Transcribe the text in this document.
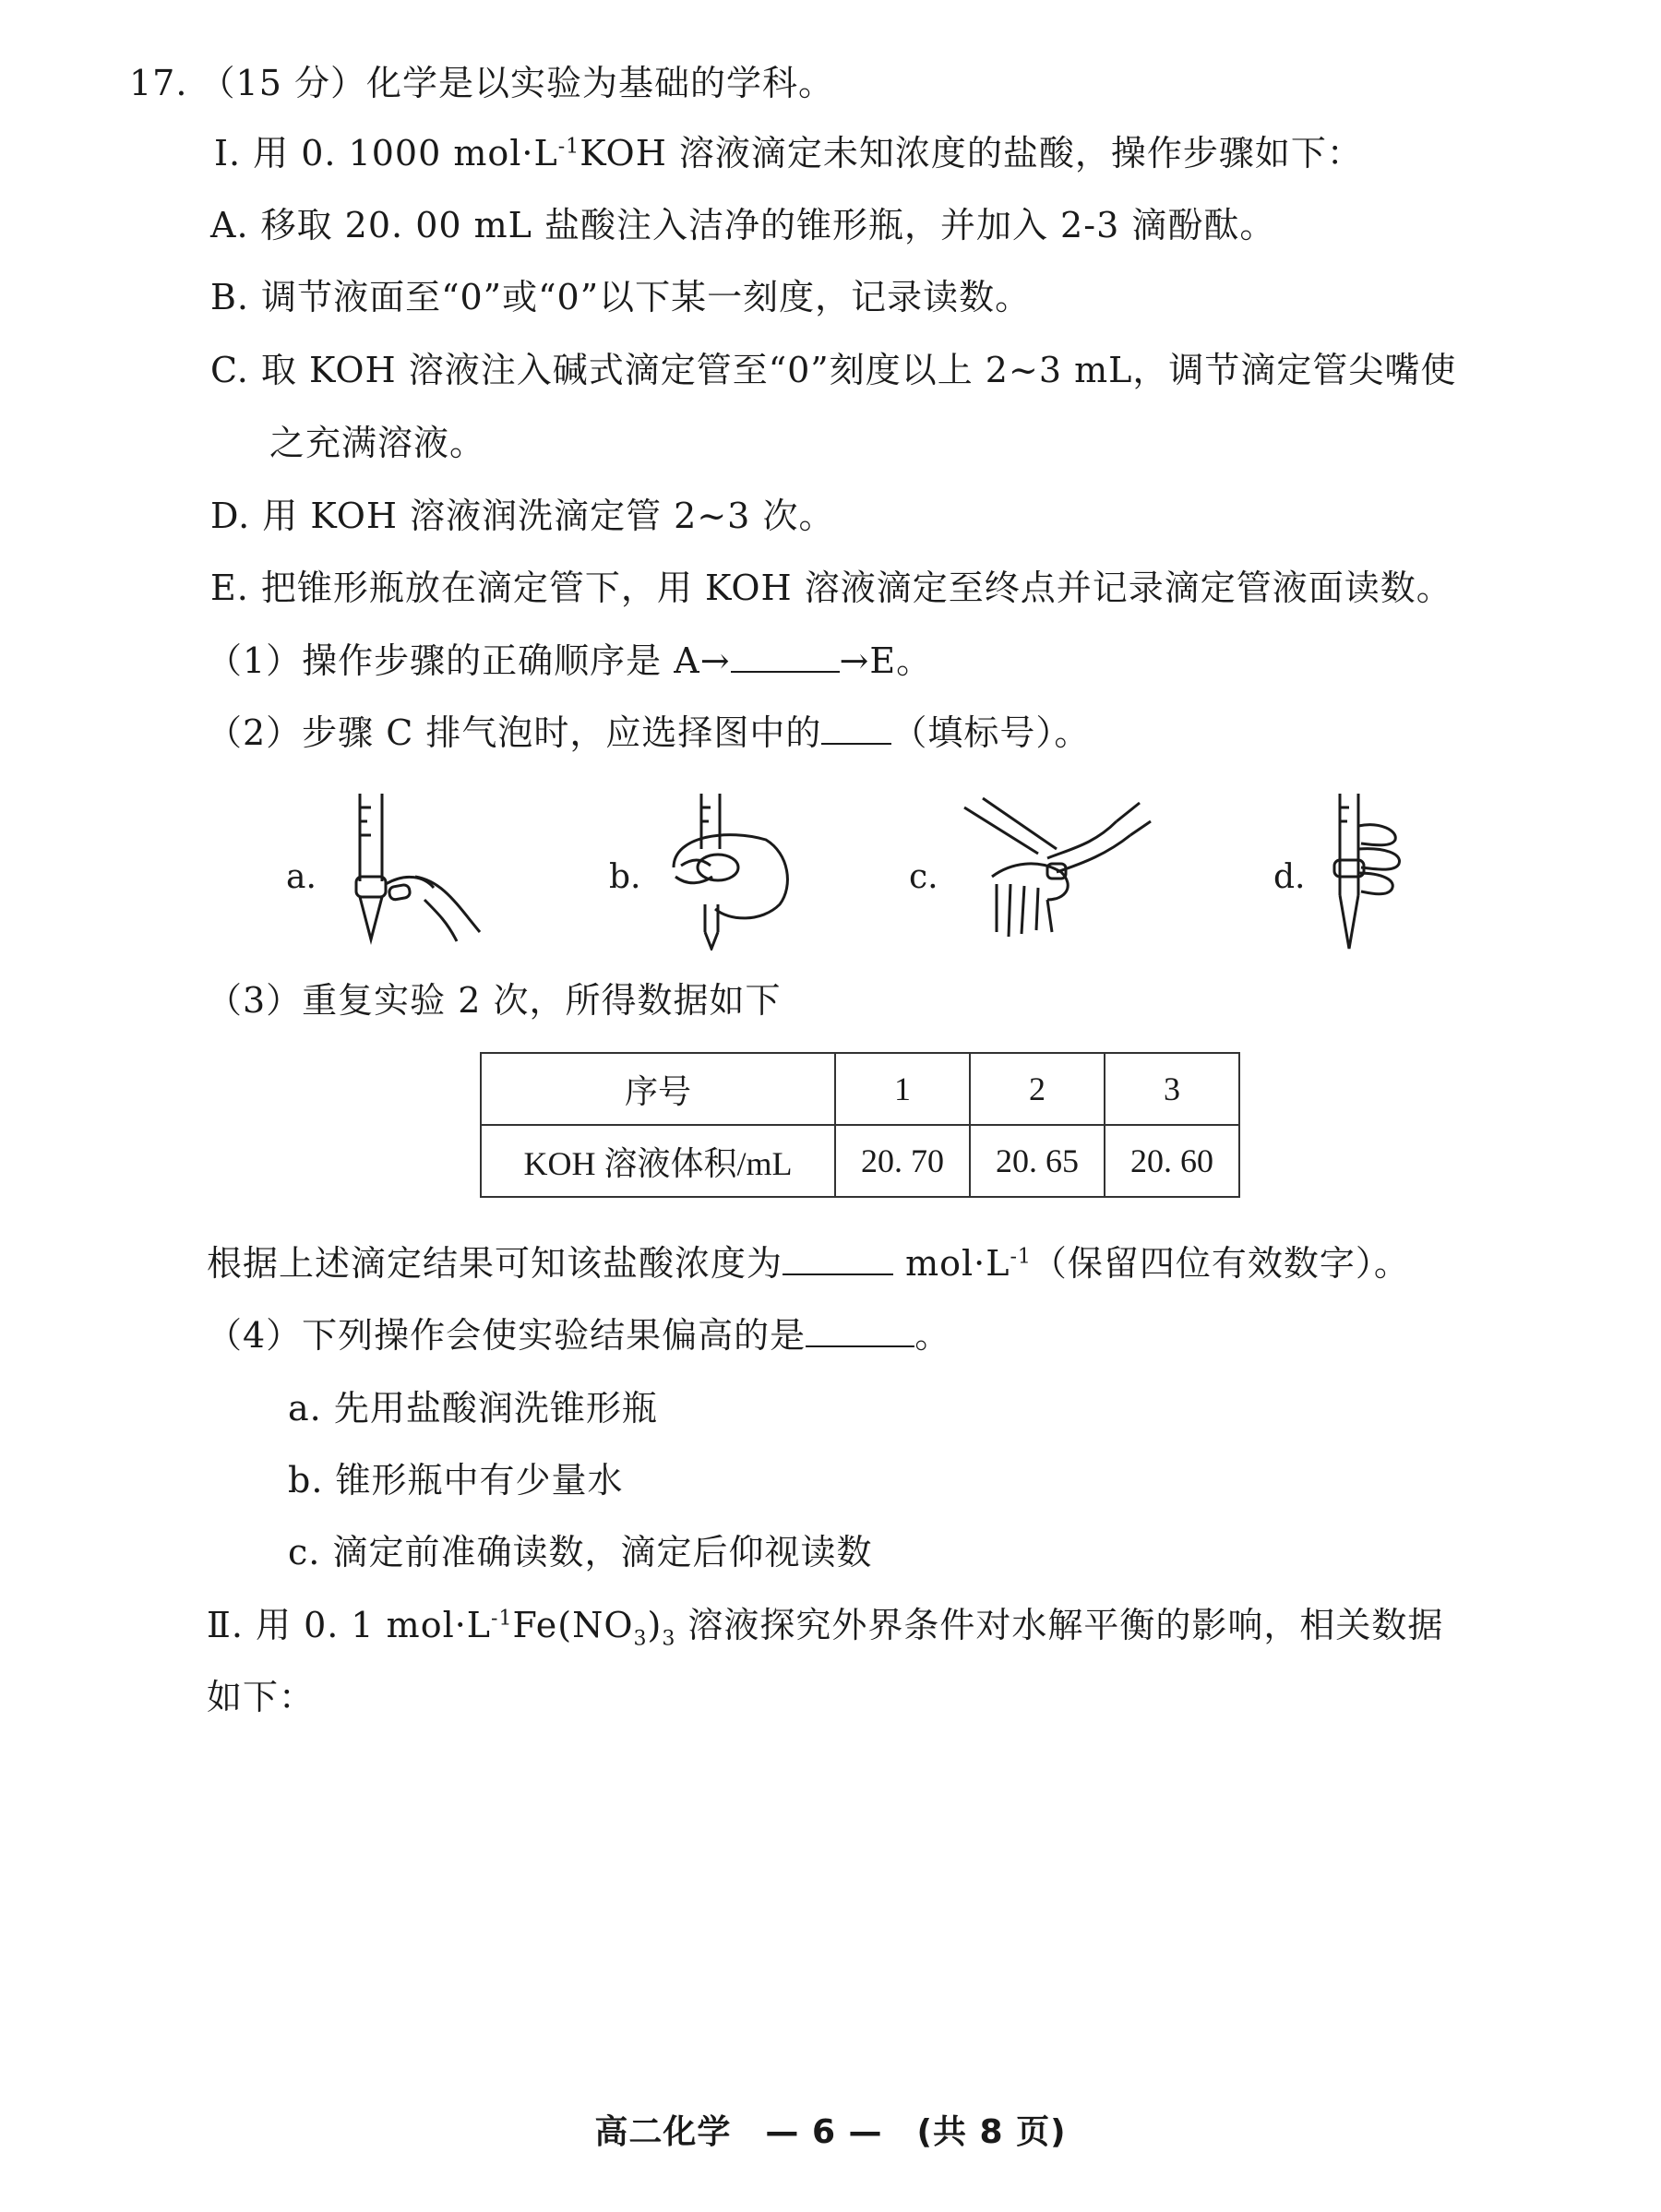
17. （15 分）化学是以实验为基础的学科。
Ⅰ. 用 0. 1000 $mol\cdot L^{-1}KOH$ 溶液滴定未知浓度的盐酸，操作步骤如下：
A. 移取 20. 00 mL 盐酸注入洁净的锥形瓶，并加入 2-3 滴酚酞。
B. 调节液面至“0”或“0”以下某一刻度，记录读数。
C. 取 KOH 溶液注入碱式滴定管至“0”刻度以上 2~3 mL，调节滴定管尖嘴使
之充满溶液。
D. 用 KOH 溶液润洗滴定管 2~3 次。
E. 把锥形瓶放在滴定管下，用 KOH 溶液滴定至终点并记录滴定管液面读数。
（1）操作步骤的正确顺序是 A→	→E。
（2）步骤 C 排气泡时，应选择图中的 （填标号）。
a.	b.	c.	d.
（3）重复实验 2 次，所得数据如下
序号	1	2	3
KOH 溶液体积/mL	20. 70	20. 65	20. 60
根据上述滴定结果可知该盐酸浓度为	$mol\cdot L^{-1}$（保留四位有效数字）。
（4）下列操作会使实验结果偏高的是	。
a. 先用盐酸润洗锥形瓶
b. 锥形瓶中有少量水
c. 滴定前准确读数，滴定后仰视读数
Ⅱ. 用 0. 1 $mol\cdot L^{-1}Fe(NO_3)_3$ 溶液探究外界条件对水解平衡的影响，相关数据
如下：
高二化学　— 6 —　(共 8 页)
